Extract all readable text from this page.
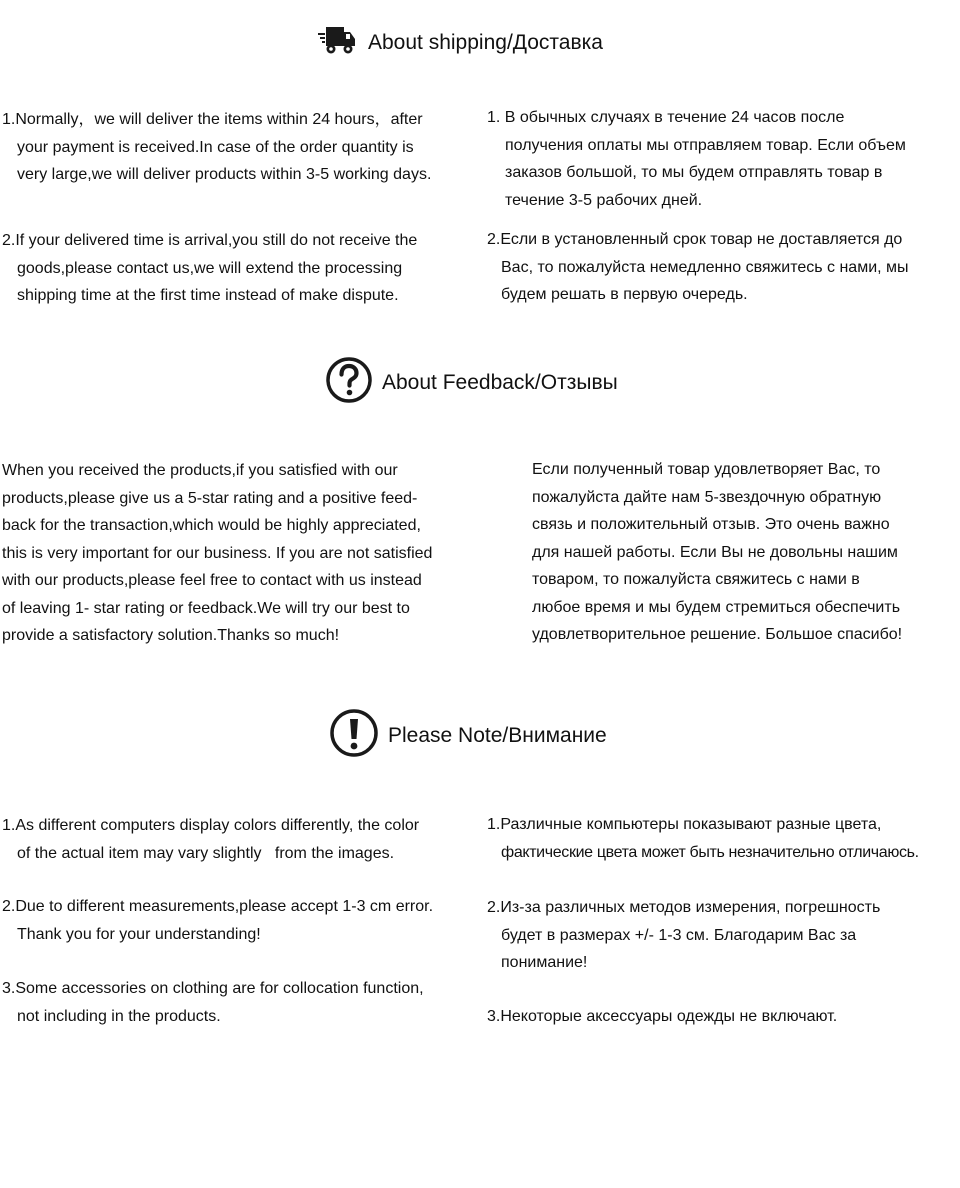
About shipping/Доставка
1.Normally，we will deliver the items within 24 hours，after
your payment is received.In case of the order quantity is
very large,we will deliver products within 3-5 working days.
2.If your delivered time is arrival,you still do not receive the
goods,please contact us,we will extend the processing
shipping time at the first time instead of make dispute.
1. В обычных случаях в течение 24 часов после
получения оплаты мы отправляем товар. Если объем
заказов большой, то мы будем отправлять товар в
течение 3-5 рабочих дней.
2.Если в установленный срок товар не доставляется до
Вас, то пожалуйста немедленно свяжитесь с нами, мы
будем решать в первую очередь.
About Feedback/Отзывы
When you received the products,if you satisfied with our
products,please give us a 5-star rating and a positive feed-
back for the transaction,which would be highly appreciated,
this is very important for our business. If you are not satisfied
with our products,please feel free to contact with us instead
of leaving 1- star rating or feedback.We will try our best to
provide a satisfactory solution.Thanks so much!
Если полученный товар удовлетворяет Вас, то
пожалуйста дайте нам 5-звездочную обратную
связь и положительный отзыв. Это очень важно
для нашей работы. Если Вы не довольны нашим
товаром, то пожалуйста свяжитесь с нами в
любое время и мы будем стремиться обеспечить
удовлетворительное решение. Большое спасибо!
Please Note/Внимание
1.As different computers display colors differently, the color
of the actual item may vary slightly   from the images.
2.Due to different measurements,please accept 1-3 cm error.
Thank you for your understanding!
3.Some accessories on clothing are for collocation function,
not including in the products.
1.Различные компьютеры показывают разные цвета,
фактические цвета может быть незначительно отличаюсь.
2.Из-за различных методов измерения, погрешность
будет в размерах +/- 1-3 см. Благодарим Вас за
понимание!
3.Некоторые аксессуары одежды не включают.
